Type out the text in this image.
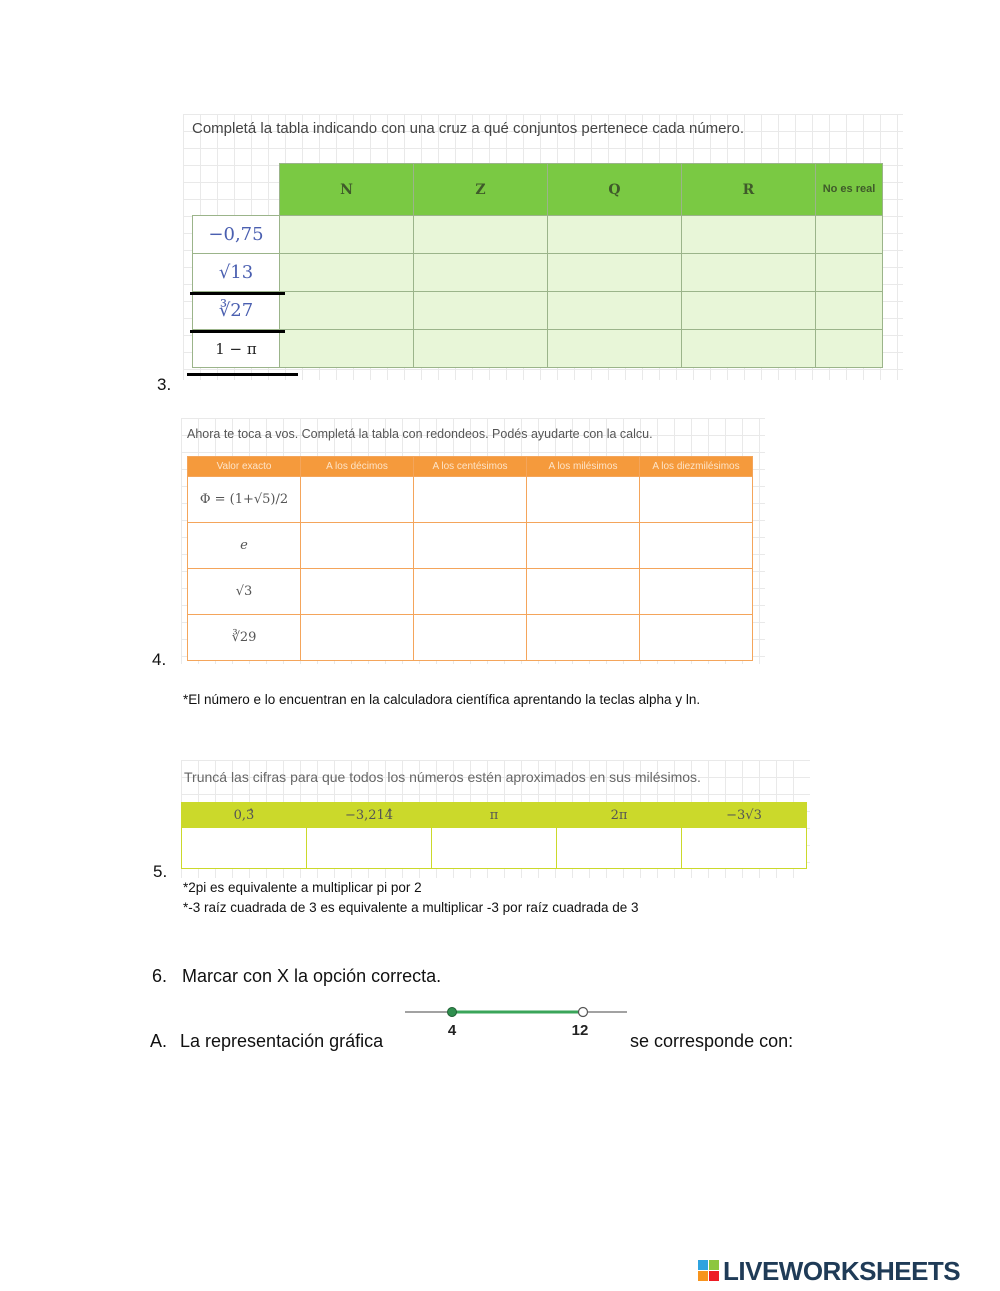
3.
Completá la tabla indicando con una cruz a qué conjuntos pertenece cada número.
	N	Z	Q	R	No es real
−0,75					
√13					
∛27					
1 − π					
4.
Ahora te toca a vos. Completá la tabla con redondeos. Podés ayudarte con la calcu.
Valor exacto	A los décimos	A los centésimos	A los milésimos	A los diezmilésimos
Φ = (1+√5)/2				
e				
√3				
∛29				
*El número e lo encuentran en la calculadora científica aprentando la teclas alpha y ln.
5.
Truncá las cifras para que todos los números estén aproximados en sus milésimos.
0,3̂	−3,214̂	π	2π	−3√3

*2pi es equivalente a multiplicar pi por 2
*-3 raíz cuadrada de 3 es equivalente a multiplicar -3 por raíz cuadrada de 3
6. Marcar con X la opción correcta.
A. La representación gráfica
4	12
se corresponde con:
LIVEWORKSHEETS
